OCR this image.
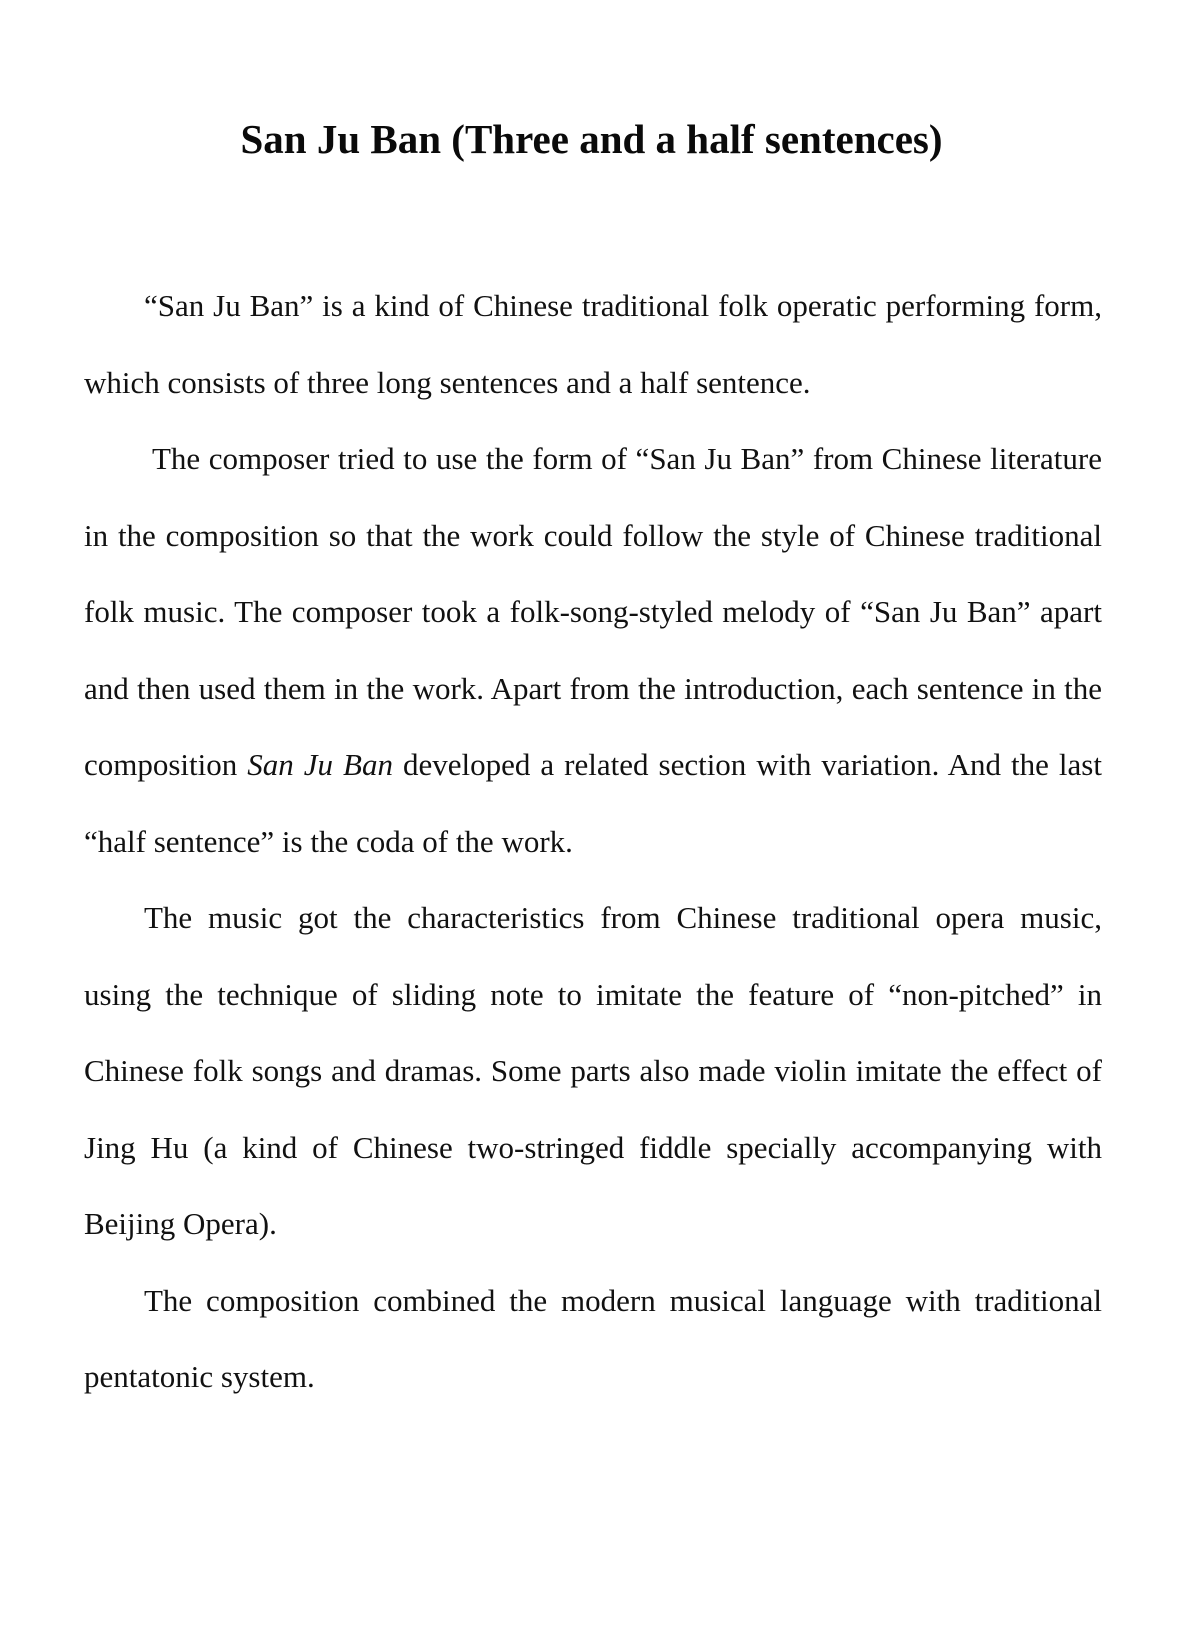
San Ju Ban (Three and a half sentences)

“San Ju Ban” is a kind of Chinese traditional folk operatic performing form, which consists of three long sentences and a half sentence.

The composer tried to use the form of “San Ju Ban” from Chinese literature in the composition so that the work could follow the style of Chinese traditional folk music. The composer took a folk-song-styled melody of “San Ju Ban” apart and then used them in the work. Apart from the introduction, each sentence in the composition San Ju Ban developed a related section with variation. And the last “half sentence” is the coda of the work.

The music got the characteristics from Chinese traditional opera music, using the technique of sliding note to imitate the feature of “non-pitched” in Chinese folk songs and dramas. Some parts also made violin imitate the effect of Jing Hu (a kind of Chinese two-stringed fiddle specially accompanying with Beijing Opera).

The composition combined the modern musical language with traditional pentatonic system.
